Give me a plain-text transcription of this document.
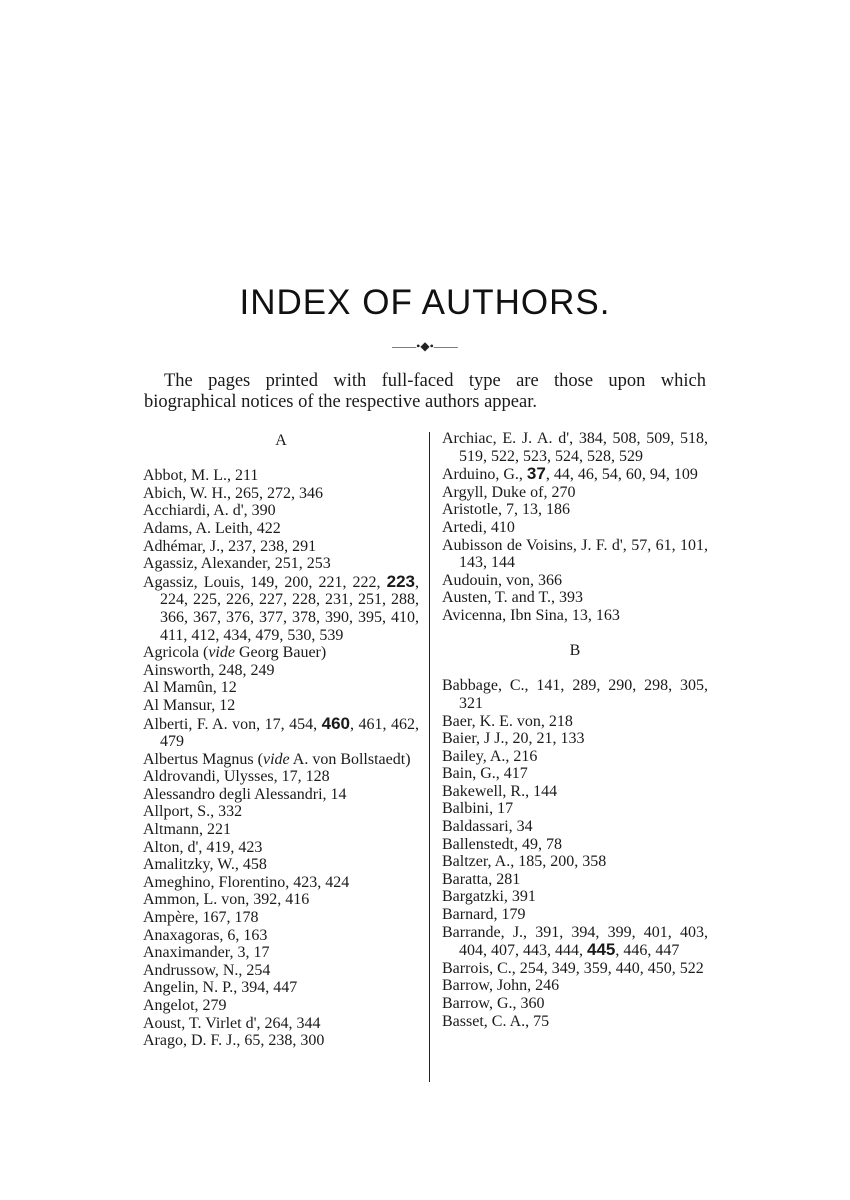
INDEX OF AUTHORS.
——•◆•——
The pages printed with full-faced type are those upon which biographical notices of the respective authors appear.
A
Abbot, M. L., 211
Abich, W. H., 265, 272, 346
Acchiardi, A. d', 390
Adams, A. Leith, 422
Adhémar, J., 237, 238, 291
Agassiz, Alexander, 251, 253
Agassiz, Louis, 149, 200, 221, 222, 223, 224, 225, 226, 227, 228, 231, 251, 288, 366, 367, 376, 377, 378, 390, 395, 410, 411, 412, 434, 479, 530, 539
Agricola (vide Georg Bauer)
Ainsworth, 248, 249
Al Mamûn, 12
Al Mansur, 12
Alberti, F. A. von, 17, 454, 460, 461, 462, 479
Albertus Magnus (vide A. von Bollstaedt)
Aldrovandi, Ulysses, 17, 128
Alessandro degli Alessandri, 14
Allport, S., 332
Altmann, 221
Alton, d', 419, 423
Amalitzky, W., 458
Ameghino, Florentino, 423, 424
Ammon, L. von, 392, 416
Ampère, 167, 178
Anaxagoras, 6, 163
Anaximander, 3, 17
Andrussow, N., 254
Angelin, N. P., 394, 447
Angelot, 279
Aoust, T. Virlet d', 264, 344
Arago, D. F. J., 65, 238, 300
Archiac, E. J. A. d', 384, 508, 509, 518, 519, 522, 523, 524, 528, 529
Arduino, G., 37, 44, 46, 54, 60, 94, 109
Argyll, Duke of, 270
Aristotle, 7, 13, 186
Artedi, 410
Aubisson de Voisins, J. F. d', 57, 61, 101, 143, 144
Audouin, von, 366
Austen, T. and T., 393
Avicenna, Ibn Sina, 13, 163
B
Babbage, C., 141, 289, 290, 298, 305, 321
Baer, K. E. von, 218
Baier, J J., 20, 21, 133
Bailey, A., 216
Bain, G., 417
Bakewell, R., 144
Balbini, 17
Baldassari, 34
Ballenstedt, 49, 78
Baltzer, A., 185, 200, 358
Baratta, 281
Bargatzki, 391
Barnard, 179
Barrande, J., 391, 394, 399, 401, 403, 404, 407, 443, 444, 445, 446, 447
Barrois, C., 254, 349, 359, 440, 450, 522
Barrow, John, 246
Barrow, G., 360
Basset, C. A., 75
